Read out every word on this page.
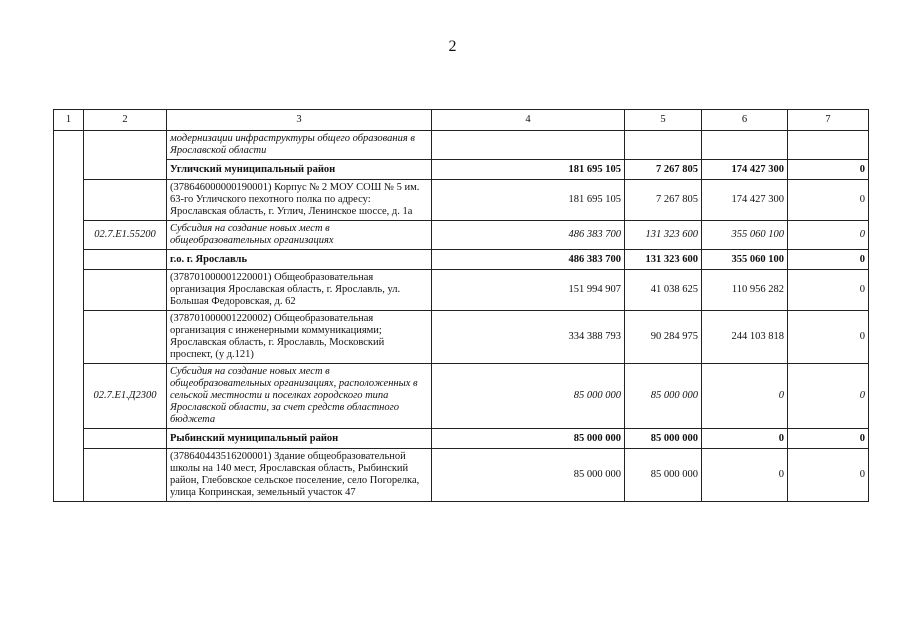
2
1	2	3	4	5	6	7
		модернизации инфраструктуры общего образования в Ярославской области				
		Угличский муниципальный район	181 695 105	7 267 805	174 427 300	0
		(378646000000190001) Корпус № 2 МОУ СОШ № 5 им. 63-го Угличского пехотного полка по адресу: Ярославская область, г. Углич, Ленинское шоссе, д. 1а	181 695 105	7 267 805	174 427 300	0
	02.7.Е1.55200	Субсидия на создание новых мест в общеобразовательных организациях	486 383 700	131 323 600	355 060 100	0
		г.о. г. Ярославль	486 383 700	131 323 600	355 060 100	0
		(378701000001220001) Общеобразовательная организация Ярославская область, г. Ярославль, ул. Большая Федоровская, д. 62	151 994 907	41 038 625	110 956 282	0
		(378701000001220002) Общеобразовательная организация с инженерными коммуникациями; Ярославская область, г. Ярославль, Московский проспект, (у д.121)	334 388 793	90 284 975	244 103 818	0
	02.7.Е1.Д2300	Субсидия на создание новых мест в общеобразовательных организациях, расположенных в сельской местности и поселках городского типа Ярославской области, за счет средств областного бюджета	85 000 000	85 000 000	0	0
		Рыбинский муниципальный район	85 000 000	85 000 000	0	0
		(378640443516200001) Здание общеобразовательной школы на 140 мест, Ярославская область, Рыбинский район, Глебовское сельское поселение, село Погорелка, улица Копринская, земельный участок 47	85 000 000	85 000 000	0	0
